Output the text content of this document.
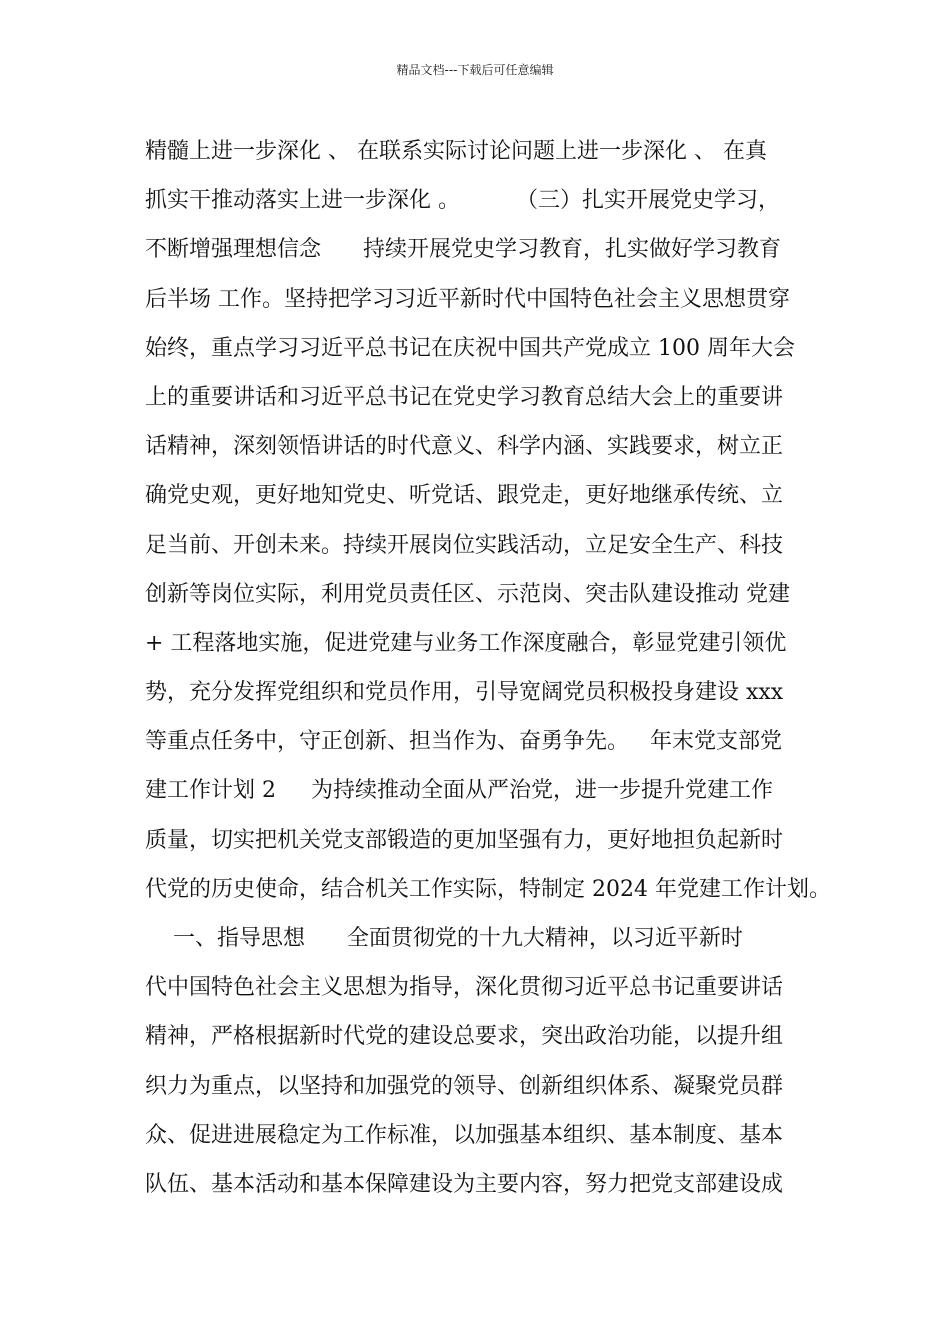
精品文档---下载后可任意编辑
精髓上进一步深化 、 在联系实际讨论问题上进一步深化 、 在真
抓实干推动落实上进一步深化 。        （三）扎实开展党史学习，
不断增强理想信念      持续开展党史学习教育，扎实做好学习教育
后半场 工作。坚持把学习习近平新时代中国特色社会主义思想贯穿
始终，重点学习习近平总书记在庆祝中国共产党成立 100 周年大会
上的重要讲话和习近平总书记在党史学习教育总结大会上的重要讲
话精神，深刻领悟讲话的时代意义、科学内涵、实践要求，树立正
确党史观，更好地知党史、听党话、跟党走，更好地继承传统、立
足当前、开创未来。持续开展岗位实践活动，立足安全生产、科技
创新等岗位实际，利用党员责任区、示范岗、突击队建设推动 党建
+ 工程落地实施，促进党建与业务工作深度融合，彰显党建引领优
势，充分发挥党组织和党员作用，引导宽阔党员积极投身建设 xxx
等重点任务中，守正创新、担当作为、奋勇争先。   年末党支部党
建工作计划 2     为持续推动全面从严治党，进一步提升党建工作
质量，切实把机关党支部锻造的更加坚强有力，更好地担负起新时
代党的历史使命，结合机关工作实际，特制定 2024 年党建工作计划。
一、指导思想      全面贯彻党的十九大精神，以习近平新时
代中国特色社会主义思想为指导，深化贯彻习近平总书记重要讲话
精神，严格根据新时代党的建设总要求，突出政治功能，以提升组
织力为重点，以坚持和加强党的领导、创新组织体系、凝聚党员群
众、促进进展稳定为工作标准，以加强基本组织、基本制度、基本
队伍、基本活动和基本保障建设为主要内容，努力把党支部建设成
